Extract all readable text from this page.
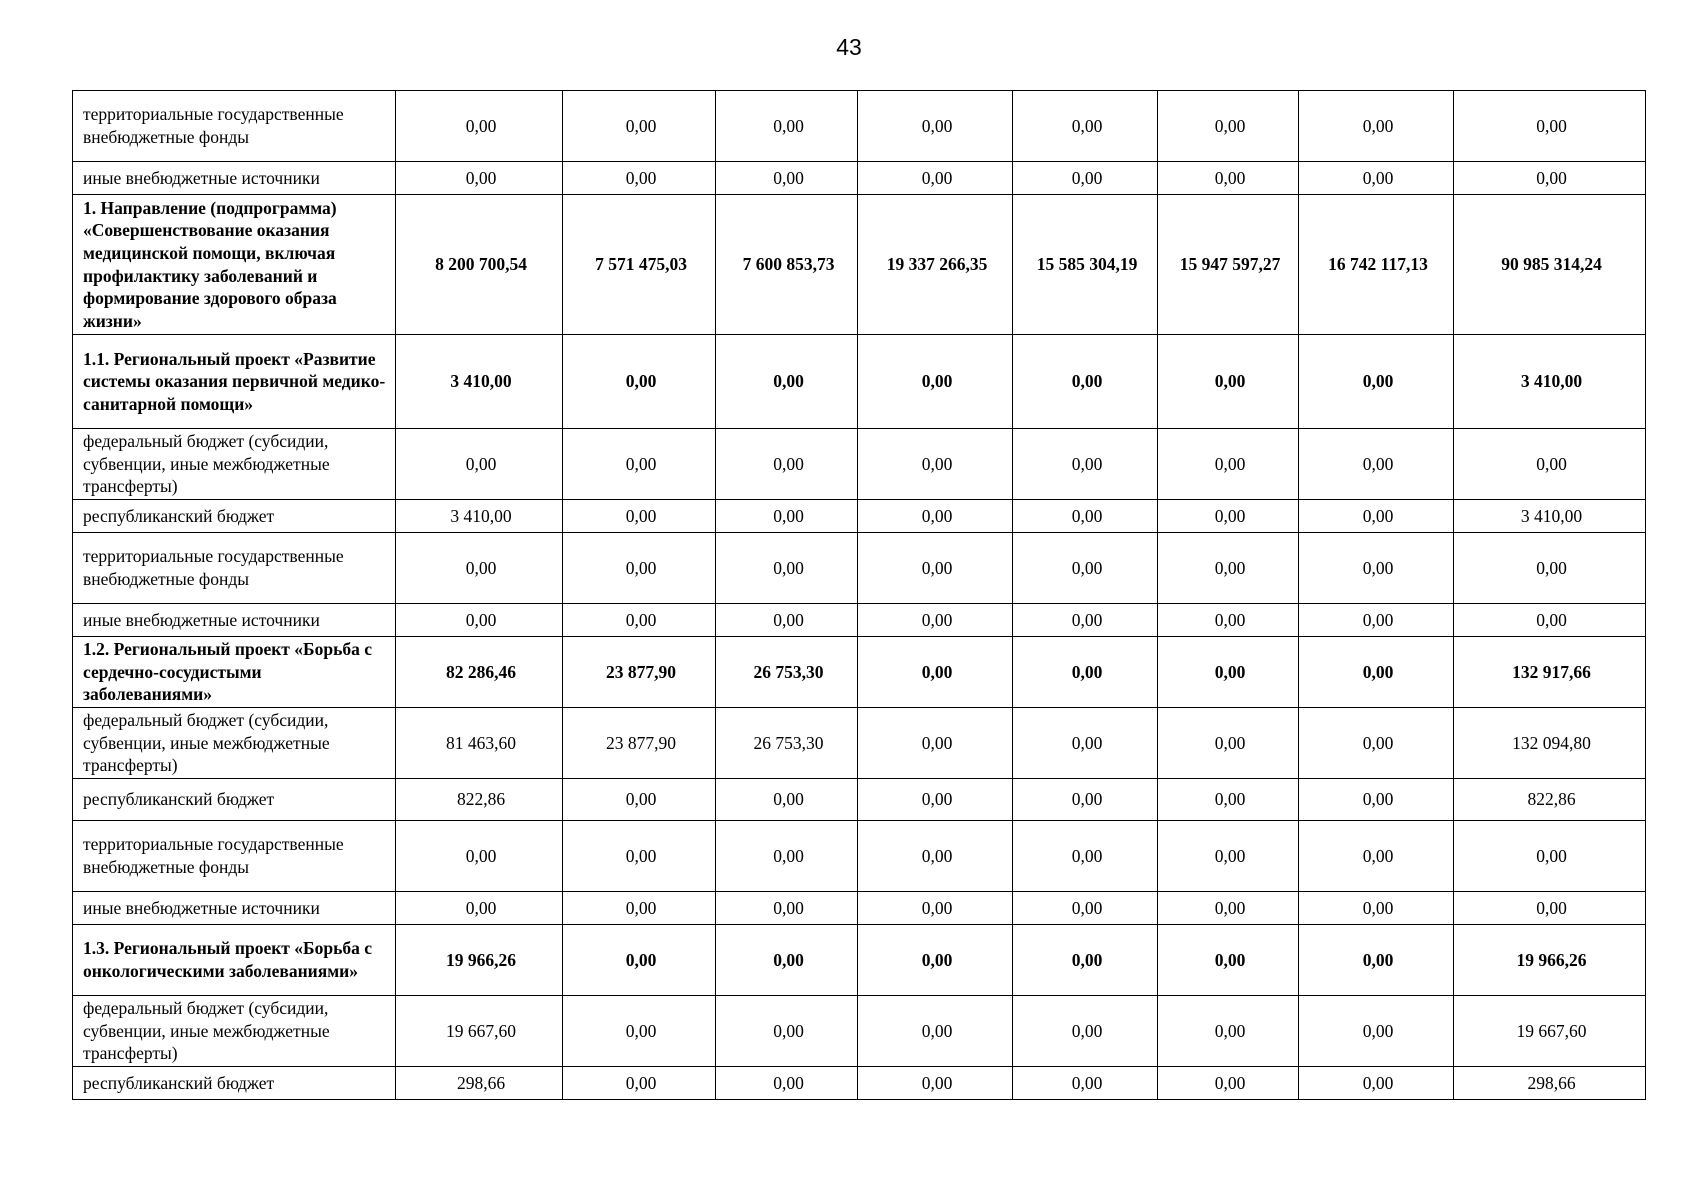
43
территориальные государственные внебюджетные фонды	0,00	0,00	0,00	0,00	0,00	0,00	0,00	0,00
иные внебюджетные источники	0,00	0,00	0,00	0,00	0,00	0,00	0,00	0,00
1. Направление (подпрограмма) «Совершенствование оказания медицинской помощи, включая профилактику заболеваний и формирование здорового образа жизни»	8 200 700,54	7 571 475,03	7 600 853,73	19 337 266,35	15 585 304,19	15 947 597,27	16 742 117,13	90 985 314,24
1.1. Региональный проект «Развитие системы оказания первичной медико-санитарной помощи»	3 410,00	0,00	0,00	0,00	0,00	0,00	0,00	3 410,00
федеральный бюджет (субсидии, субвенции, иные межбюджетные трансферты)	0,00	0,00	0,00	0,00	0,00	0,00	0,00	0,00
республиканский бюджет	3 410,00	0,00	0,00	0,00	0,00	0,00	0,00	3 410,00
территориальные государственные внебюджетные фонды	0,00	0,00	0,00	0,00	0,00	0,00	0,00	0,00
иные внебюджетные источники	0,00	0,00	0,00	0,00	0,00	0,00	0,00	0,00
1.2. Региональный проект «Борьба с сердечно-сосудистыми заболеваниями»	82 286,46	23 877,90	26 753,30	0,00	0,00	0,00	0,00	132 917,66
федеральный бюджет (субсидии, субвенции, иные межбюджетные трансферты)	81 463,60	23 877,90	26 753,30	0,00	0,00	0,00	0,00	132 094,80
республиканский бюджет	822,86	0,00	0,00	0,00	0,00	0,00	0,00	822,86
территориальные государственные внебюджетные фонды	0,00	0,00	0,00	0,00	0,00	0,00	0,00	0,00
иные внебюджетные источники	0,00	0,00	0,00	0,00	0,00	0,00	0,00	0,00
1.3. Региональный проект «Борьба с онкологическими заболеваниями»	19 966,26	0,00	0,00	0,00	0,00	0,00	0,00	19 966,26
федеральный бюджет (субсидии, субвенции, иные межбюджетные трансферты)	19 667,60	0,00	0,00	0,00	0,00	0,00	0,00	19 667,60
республиканский бюджет	298,66	0,00	0,00	0,00	0,00	0,00	0,00	298,66
